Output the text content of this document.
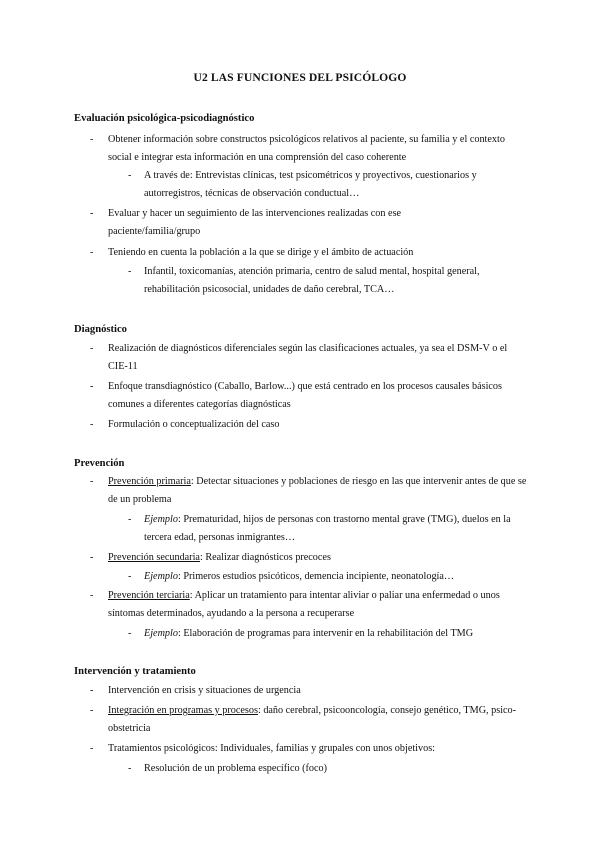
U2 LAS FUNCIONES DEL PSICÓLOGO
Evaluación psicológica-psicodiagnóstico
- Obtener información sobre constructos psicológicos relativos al paciente, su familia y el contexto social e integrar esta información en una comprensión del caso coherente
- A través de: Entrevistas clínicas, test psicométricos y proyectivos, cuestionarios y autorregistros, técnicas de observación conductual…
- Evaluar y hacer un seguimiento de las intervenciones realizadas con ese paciente/familia/grupo
- Teniendo en cuenta la población a la que se dirige y el ámbito de actuación
- Infantil, toxicomanías, atención primaria, centro de salud mental, hospital general, rehabilitación psicosocial, unidades de daño cerebral, TCA…
Diagnóstico
- Realización de diagnósticos diferenciales según las clasificaciones actuales, ya sea el DSM-V o el CIE-11
- Enfoque transdiagnóstico (Caballo, Barlow...) que está centrado en los procesos causales básicos comunes a diferentes categorías diagnósticas
- Formulación o conceptualización del caso
Prevención
- Prevención primaria: Detectar situaciones y poblaciones de riesgo en las que intervenir antes de que se de un problema
- Ejemplo: Prematuridad, hijos de personas con trastorno mental grave (TMG), duelos en la tercera edad, personas inmigrantes…
- Prevención secundaria: Realizar diagnósticos precoces
- Ejemplo: Primeros estudios psicóticos, demencia incipiente, neonatología…
- Prevención terciaria: Aplicar un tratamiento para intentar aliviar o paliar una enfermedad o unos síntomas determinados, ayudando a la persona a recuperarse
- Ejemplo: Elaboración de programas para intervenir en la rehabilitación del TMG
Intervención y tratamiento
- Intervención en crisis y situaciones de urgencia
- Integración en programas y procesos: daño cerebral, psicooncología, consejo genético, TMG, psico-obstetricia
- Tratamientos psicológicos: Individuales, familias y grupales con unos objetivos:
- Resolución de un problema específico (foco)
